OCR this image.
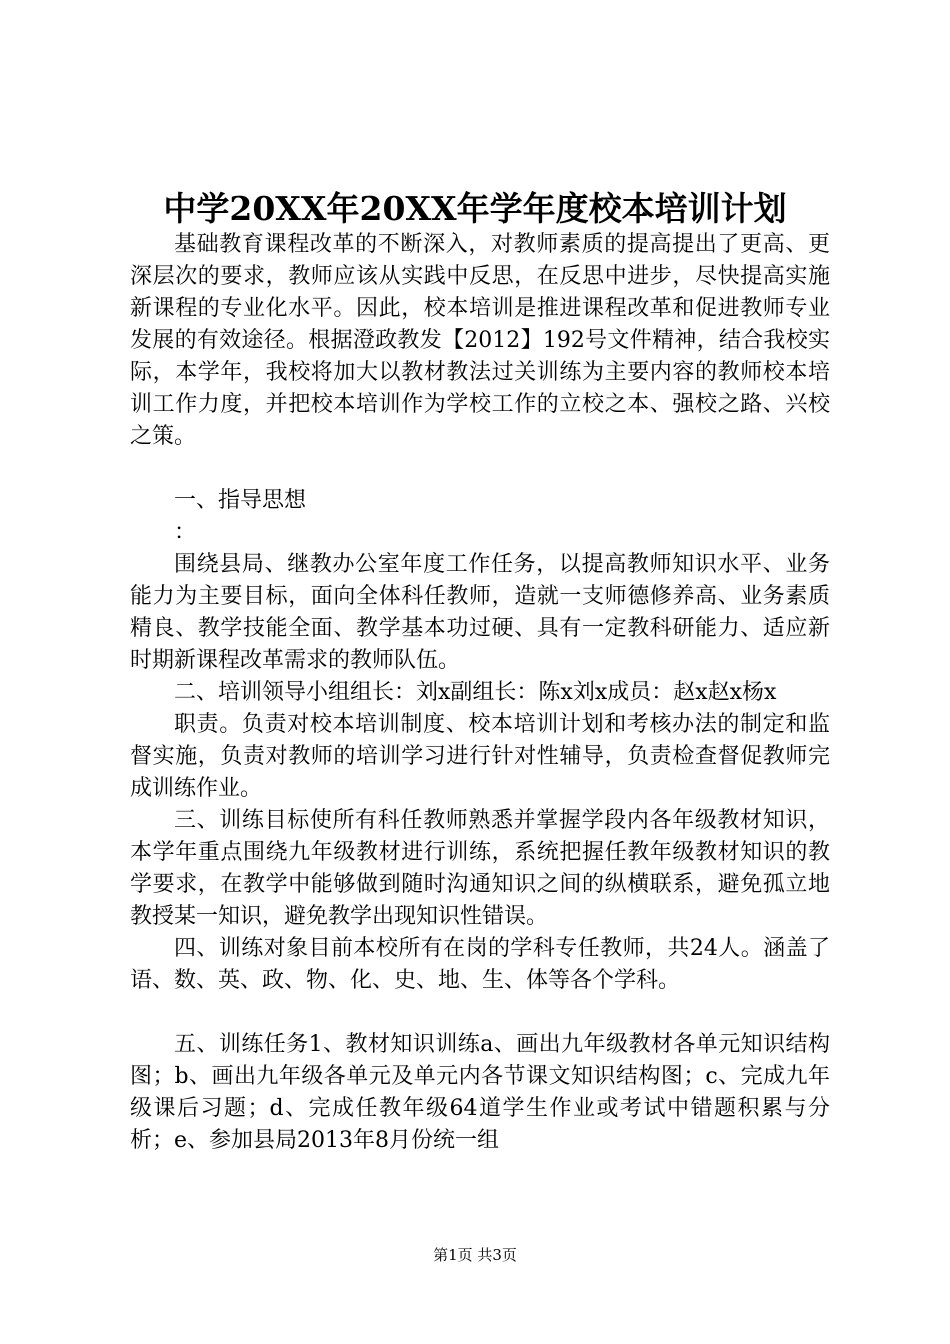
中学20XX年20XX年学年度校本培训计划

基础教育课程改革的不断深入，对教师素质的提高提出了更高、更深层次的要求，教师应该从实践中反思，在反思中进步，尽快提高实施新课程的专业化水平。因此，校本培训是推进课程改革和促进教师专业发展的有效途径。根据澄政教发【2012】192号文件精神，结合我校实际，本学年，我校将加大以教材教法过关训练为主要内容的教师校本培训工作力度，并把校本培训作为学校工作的立校之本、强校之路、兴校之策。

一、指导思想

：

围绕县局、继教办公室年度工作任务，以提高教师知识水平、业务能力为主要目标，面向全体科任教师，造就一支师德修养高、业务素质精良、教学技能全面、教学基本功过硬、具有一定教科研能力、适应新时期新课程改革需求的教师队伍。

二、培训领导小组组长：刘x副组长：陈x刘x成员：赵x赵x杨x

职责。负责对校本培训制度、校本培训计划和考核办法的制定和监督实施，负责对教师的培训学习进行针对性辅导，负责检查督促教师完成训练作业。

三、训练目标使所有科任教师熟悉并掌握学段内各年级教材知识，本学年重点围绕九年级教材进行训练，系统把握任教年级教材知识的教学要求，在教学中能够做到随时沟通知识之间的纵横联系，避免孤立地教授某一知识，避免教学出现知识性错误。

四、训练对象目前本校所有在岗的学科专任教师，共24人。涵盖了语、数、英、政、物、化、史、地、生、体等各个学科。

五、训练任务1、教材知识训练a、画出九年级教材各单元知识结构图；b、画出九年级各单元及单元内各节课文知识结构图；c、完成九年级课后习题；d、完成任教年级64道学生作业或考试中错题积累与分析；e、参加县局2013年8月份统一组

第1页 共3页
